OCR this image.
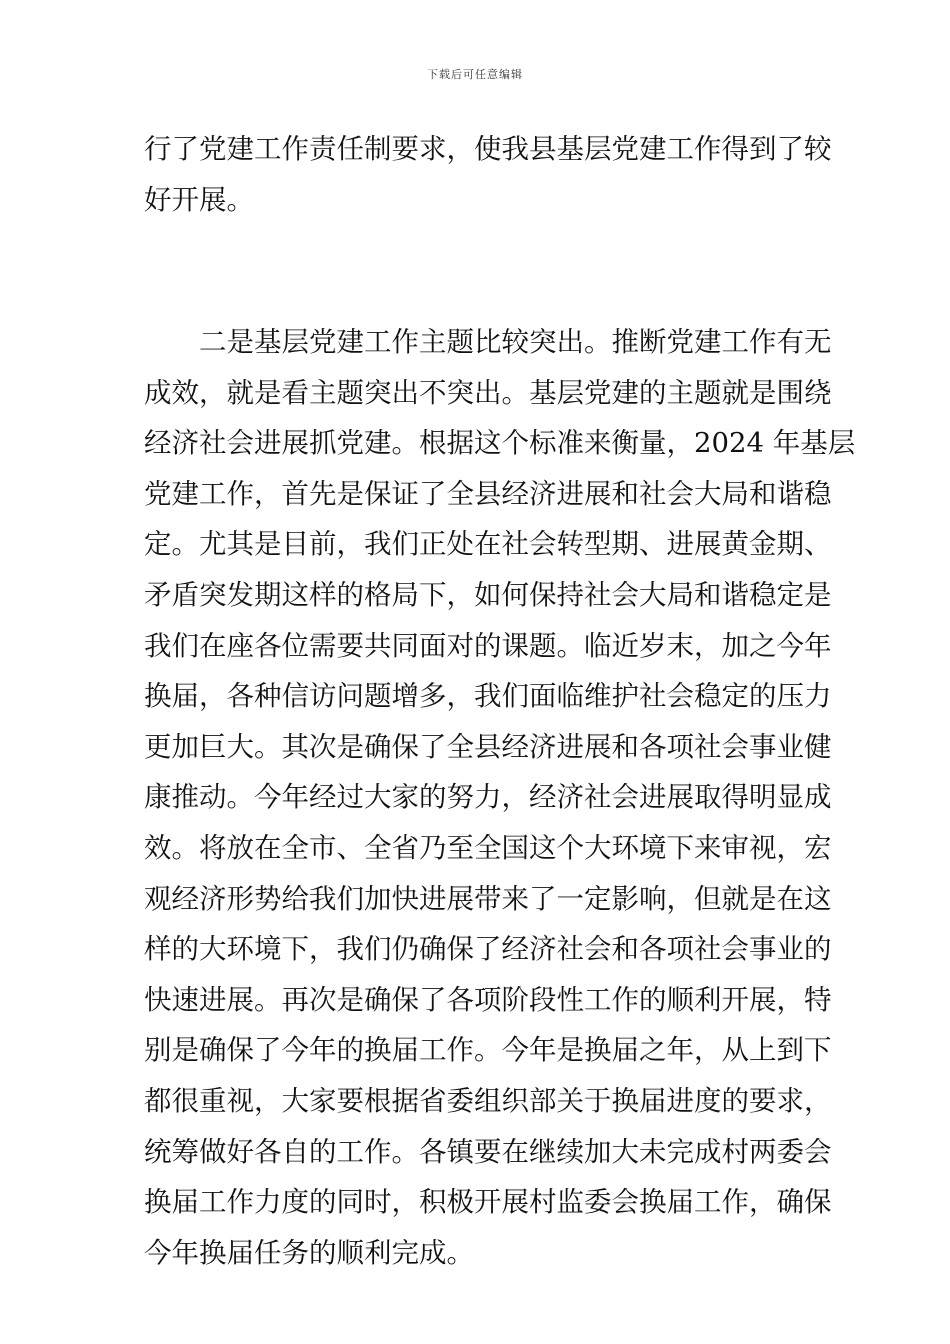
下载后可任意编辑
行了党建工作责任制要求，使我县基层党建工作得到了较
好开展。
二是基层党建工作主题比较突出。推断党建工作有无
成效，就是看主题突出不突出。基层党建的主题就是围绕
经济社会进展抓党建。根据这个标准来衡量，2024 年基层
党建工作，首先是保证了全县经济进展和社会大局和谐稳
定。尤其是目前，我们正处在社会转型期、进展黄金期、
矛盾突发期这样的格局下，如何保持社会大局和谐稳定是
我们在座各位需要共同面对的课题。临近岁末，加之今年
换届，各种信访问题增多，我们面临维护社会稳定的压力
更加巨大。其次是确保了全县经济进展和各项社会事业健
康推动。今年经过大家的努力，经济社会进展取得明显成
效。将放在全市、全省乃至全国这个大环境下来审视，宏
观经济形势给我们加快进展带来了一定影响，但就是在这
样的大环境下，我们仍确保了经济社会和各项社会事业的
快速进展。再次是确保了各项阶段性工作的顺利开展，特
别是确保了今年的换届工作。今年是换届之年，从上到下
都很重视，大家要根据省委组织部关于换届进度的要求，
统筹做好各自的工作。各镇要在继续加大未完成村两委会
换届工作力度的同时，积极开展村监委会换届工作，确保
今年换届任务的顺利完成。
